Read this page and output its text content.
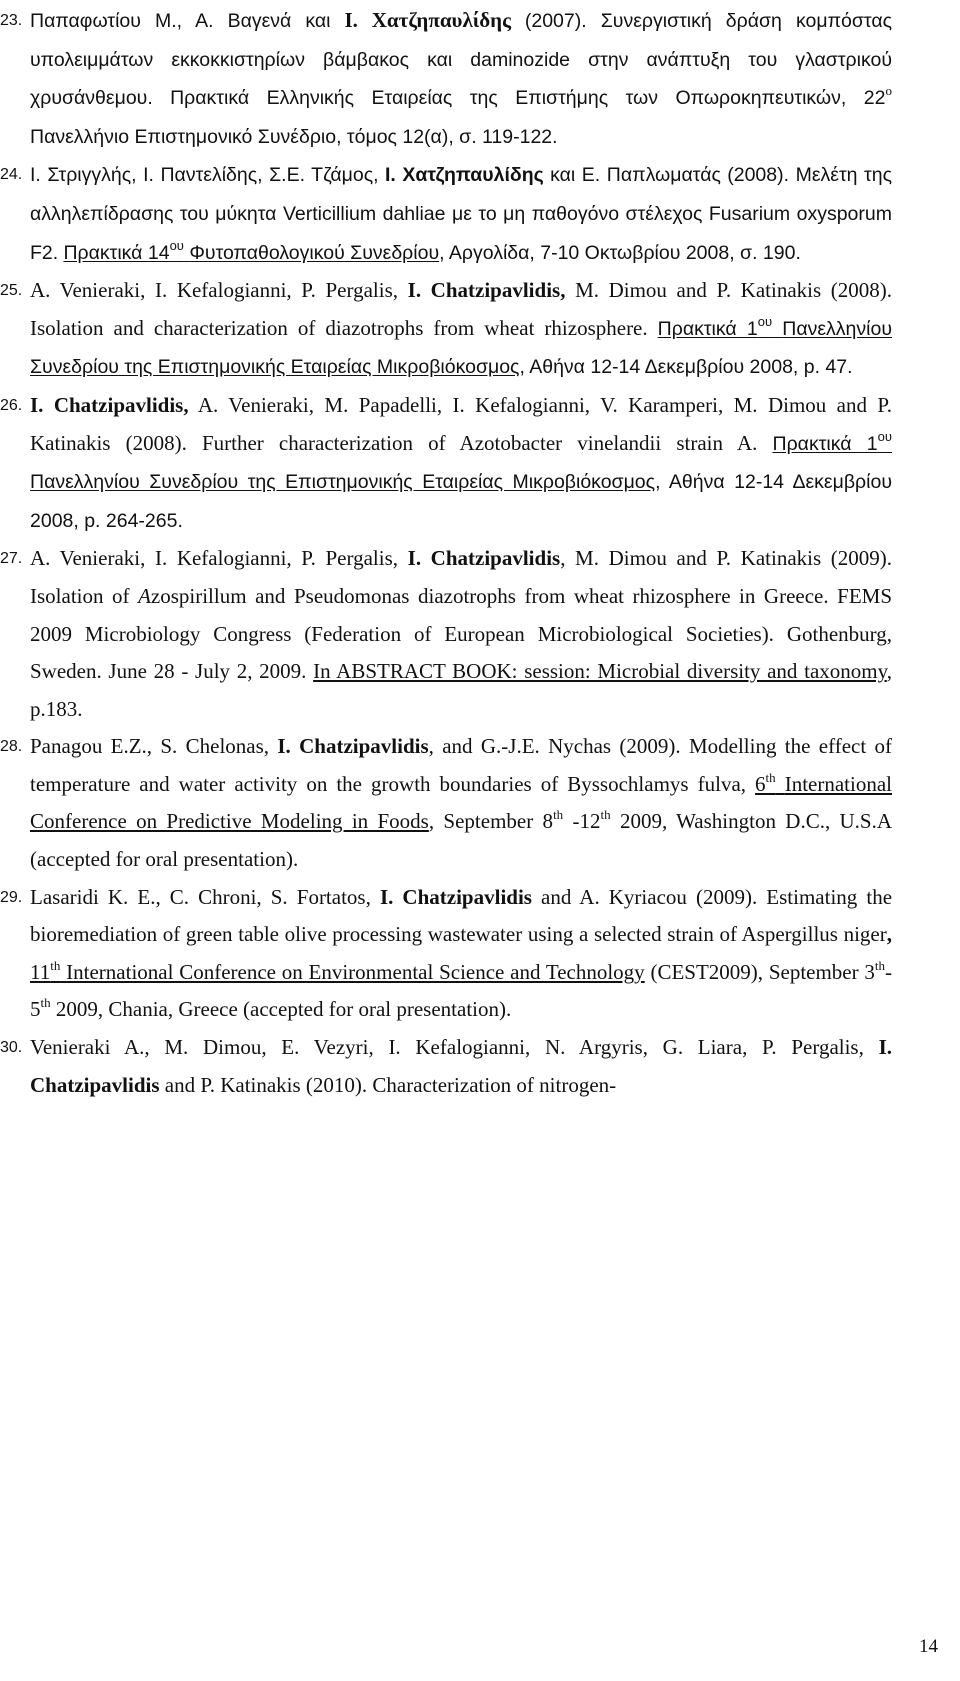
23. Παπαφωτίου Μ., Α. Βαγενά και Ι. Χατζηπαυλίδης (2007). Συνεργιστική δράση κομπόστας υπολειμμάτων εκκοκκιστηρίων βάμβακος και daminozide στην ανάπτυξη του γλαστρικού χρυσάνθεμου. Πρακτικά Ελληνικής Εταιρείας της Επιστήμης των Οπωροκηπευτικών, $22^o$ Πανελλήνιο Επιστημονικό Συνέδριο, τόμος 12(α), σ. 119-122.
24. Ι. Στριγγλής, Ι. Παντελίδης, Σ.Ε. Τζάμος, Ι. Χατζηπαυλίδης και Ε. Παπλωματάς (2008). Μελέτη της αλληλεπίδρασης του μύκητα Verticillium dahliae με το μη παθογόνο στέλεχος Fusarium oxysporum F2. Πρακτικά $14^{o\upsilon}$ Φυτοπαθολογικού Συνεδρίου, Αργολίδα, 7-10 Οκτωβρίου 2008, σ. 190.
25. A. Venieraki, I. Kefalogianni, P. Pergalis, I. Chatzipavlidis, M. Dimou and P. Katinakis (2008). Isolation and characterization of diazotrophs from wheat rhizosphere. Πρακτικά $1^{o\upsilon}$ Πανελληνίου Συνεδρίου της Επιστημονικής Εταιρείας Μικροβιόκοσμος, Αθήνα 12-14 Δεκεμβρίου 2008, p. 47.
26. I. Chatzipavlidis, A. Venieraki, M. Papadelli, I. Kefalogianni, V. Karamperi, M. Dimou and P. Katinakis (2008). Further characterization of Azotobacter vinelandii strain A. Πρακτικά $1^{o\upsilon}$ Πανελληνίου Συνεδρίου της Επιστημονικής Εταιρείας Μικροβιόκοσμος, Αθήνα 12-14 Δεκεμβρίου 2008, p. 264-265.
27. A. Venieraki, I. Kefalogianni, P. Pergalis, I. Chatzipavlidis, M. Dimou and P. Katinakis (2009). Isolation of Azospirillum and Pseudomonas diazotrophs from wheat rhizosphere in Greece. FEMS 2009 Microbiology Congress (Federation of European Microbiological Societies). Gothenburg, Sweden. June 28 - July 2, 2009. In ABSTRACT BOOK: session: Microbial diversity and taxonomy, p.183.
28. Panagou E.Z., S. Chelonas, I. Chatzipavlidis, and G.-J.E. Nychas (2009). Modelling the effect of temperature and water activity on the growth boundaries of Byssochlamys fulva, 6th International Conference on Predictive Modeling in Foods, September 8th -12th 2009, Washington D.C., U.S.A (accepted for oral presentation).
29. Lasaridi K. E., C. Chroni, S. Fortatos, I. Chatzipavlidis and A. Kyriacou (2009). Estimating the bioremediation of green table olive processing wastewater using a selected strain of Aspergillus niger, 11th International Conference on Environmental Science and Technology (CEST2009), September 3th-5th 2009, Chania, Greece (accepted for oral presentation).
30. Venieraki A., M. Dimou, E. Vezyri, I. Kefalogianni, N. Argyris, G. Liara, P. Pergalis, I. Chatzipavlidis and P. Katinakis (2010). Characterization of nitrogen-
14
